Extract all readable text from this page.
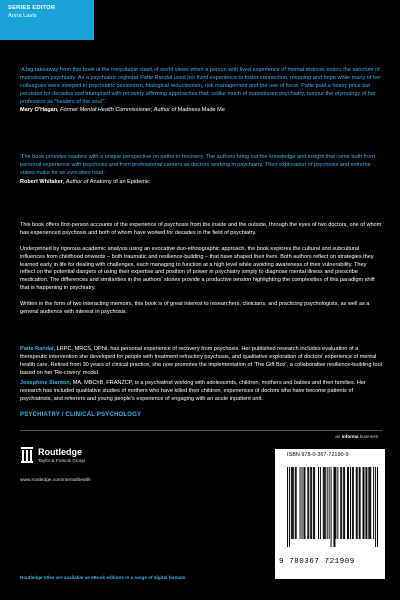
SERIES EDITOR
Anna Lavis
'A big takeaway from this book is the inequitable clash of world views when a person with lived experience of mental distress enters the sanctum of mainstream psychiatry. As a psychiatric registrar Patte Randal used her lived experience to foster connection, meaning and hope while many of her colleagues were steeped in psychiatric pessimism, biological reductionism, risk management and the use of force. Patte paid a heavy price but persisted for decades and triumphed with recovery affirming approaches that, unlike much of mainstream psychiatry, honour the etymology of her profession as "healers of the soul".'
Mary O'Hagan, Former Mental Health Commissioner; Author of Madness Made Me
'The book provides readers with a unique perspective on paths to recovery. The authors bring out the knowledge and insight that come both from personal experience with psychosis and from professional careers as doctors working in psychiatry. Their exploration of psychosis and extreme states make for an evocative read.'
Robert Whitaker, Author of Anatomy of an Epidemic

This book offers first-person accounts of the experience of psychosis from the inside and the outside, through the eyes of two doctors, one of whom has experienced psychosis and both of whom have worked for decades in the field of psychiatry.

Underpinned by rigorous academic analysis using an evocative duo-ethnographic approach, the book explores the cultural and subcultural influences from childhood onwards – both traumatic and resilience-building – that have shaped their lives. Both authors reflect on strategies they learned early in life for dealing with challenges, each managing to function at a high level while avoiding awareness of their vulnerability. They reflect on the potential dangers of using their expertise and position of power in psychiatry simply to diagnose mental illness and prescribe medication. The differences and similarities in the authors' stories provide a productive tension highlighting the complexities of this paradigm shift that is happening in psychiatry.

Written in the form of two interacting memoirs, this book is of great interest to researchers, clinicians, and practicing psychologists, as well as a general audience with interest in psychosis.

Patte Randal, LRPC, MRCS, DPhil, has personal experience of recovery from psychosis. Her published research includes evaluation of a therapeutic intervention she developed for people with treatment refractory psychosis, and qualitative exploration of doctors' experience of mental health care. Retired from 30 years of clinical practice, she now promotes the implementation of 'The Gift Box', a collaborative resilience-building tool based on her 'Re-covery' model.
Josephine Stanton, MA, MBChB, FRANZCP, is a psychiatrist working with adolescents, children, mothers and babies and their families. Her research has included qualitative studies of mothers who have killed their children, experiences of doctors who have become patients of psychiatrists, and referrers and young people's experience of engaging with an acute inpatient unit.
PSYCHIATRY / CLINICAL PSYCHOLOGY
an informa business
Routledge
Taylor & Francis Group
www.routledge.com/mentalhealth
Routledge titles are available as eBook editions in a range of digital formats
ISBN 978-0-367-72190-9
9 780367 721909
